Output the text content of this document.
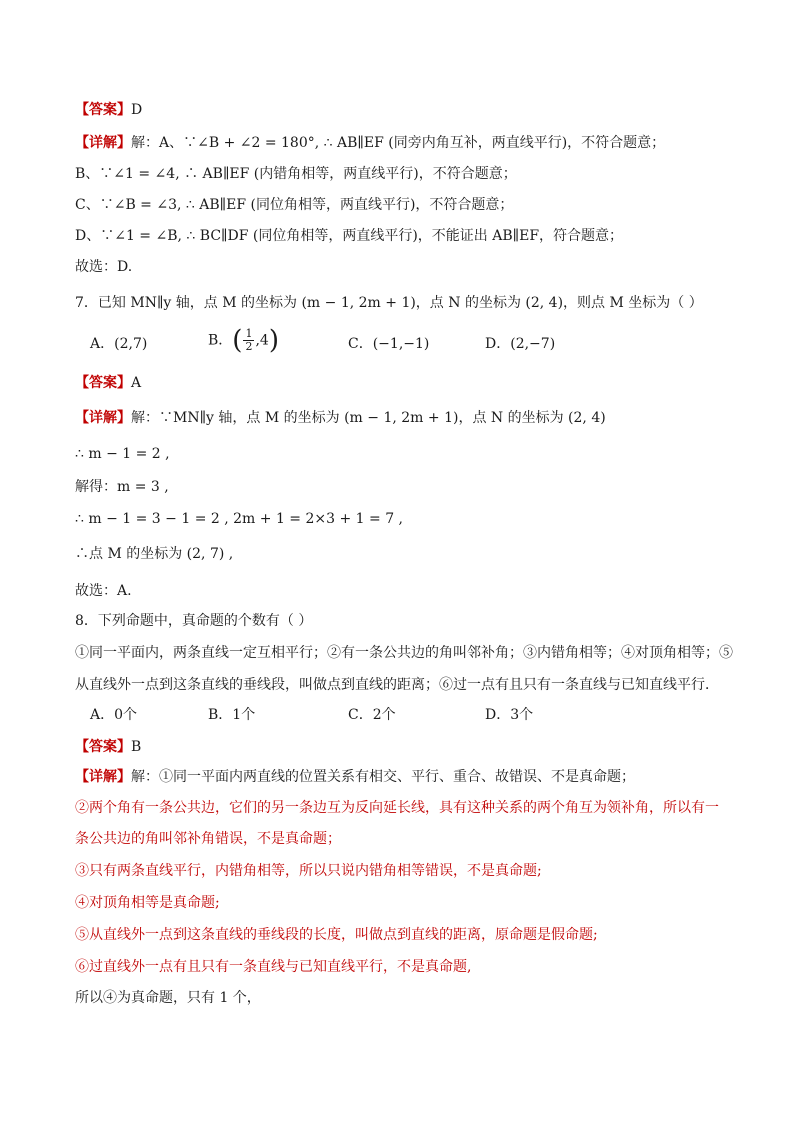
【答案】D
【详解】解：A、∵∠B + ∠2 = 180°, ∴ AB∥EF (同旁内角互补，两直线平行)，不符合题意；
B、∵∠1 = ∠4, ∴ AB∥EF (内错角相等，两直线平行)，不符合题意；
C、∵∠B = ∠3, ∴ AB∥EF (同位角相等，两直线平行)，不符合题意；
D、∵∠1 = ∠B, ∴ BC∥DF (同位角相等，两直线平行)，不能证出 AB∥EF，符合题意；
故选：D.
7．已知 MN∥y 轴，点 M 的坐标为 (m − 1, 2m + 1)，点 N 的坐标为 (2, 4)，则点 M 坐标为（ ）
A．(2,7)	B．( $\frac{1}{2} ,4$)	C．(−1,−1)	D．(2,−7)
【答案】A
【详解】解：∵MN∥y 轴，点 M 的坐标为 (m − 1, 2m + 1)，点 N 的坐标为 (2, 4)
∴ m − 1 = 2 ,
解得：m = 3 ,
∴ m − 1 = 3 − 1 = 2 , 2m + 1 = 2×3 + 1 = 7 ,
∴点 M 的坐标为 (2, 7) ,
故选：A.
8．下列命题中，真命题的个数有（ ）
①同一平面内，两条直线一定互相平行；②有一条公共边的角叫邻补角；③内错角相等；④对顶角相等；⑤
从直线外一点到这条直线的垂线段，叫做点到直线的距离；⑥过一点有且只有一条直线与已知直线平行．
A．0个	B．1个	C．2个	D．3个
【答案】B
【详解】解：①同一平面内两直线的位置关系有相交、平行、重合、故错误、不是真命题；
②两个角有一条公共边，它们的另一条边互为反向延长线，具有这种关系的两个角互为领补角，所以有一
条公共边的角叫邻补角错误，不是真命题；
③只有两条直线平行，内错角相等，所以只说内错角相等错误，不是真命题;
④对顶角相等是真命题;
⑤从直线外一点到这条直线的垂线段的长度，叫做点到直线的距离，原命题是假命题;
⑥过直线外一点有且只有一条直线与已知直线平行，不是真命题,
所以④为真命题，只有 1 个，
